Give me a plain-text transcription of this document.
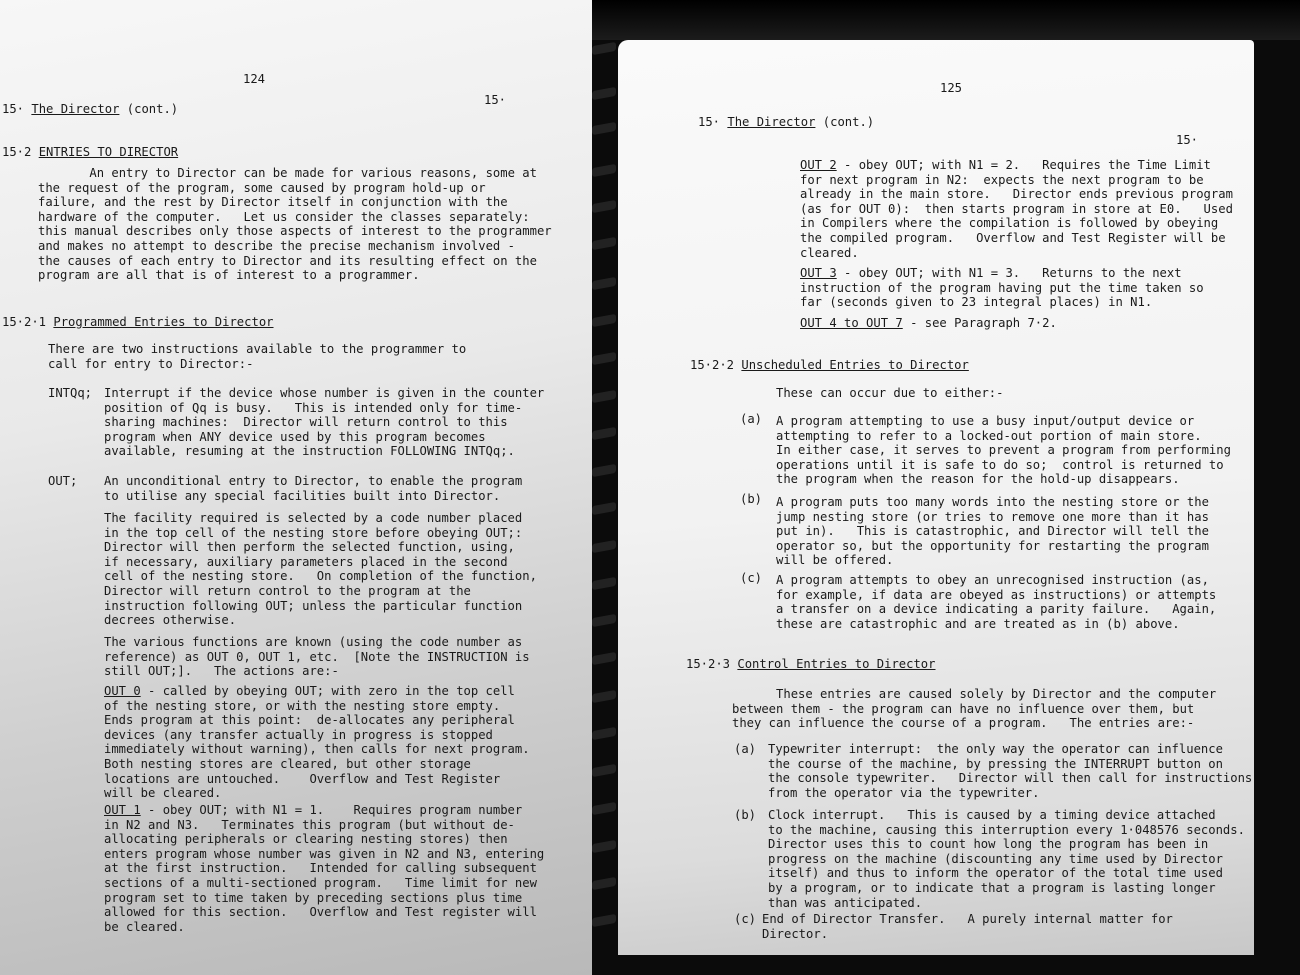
124
15·
15· The Director (cont.)
15·2 ENTRIES TO DIRECTOR
An entry to Director can be made for various reasons, some at
the request of the program, some caused by program hold-up or
failure, and the rest by Director itself in conjunction with the
hardware of the computer.   Let us consider the classes separately:
this manual describes only those aspects of interest to the programmer
and makes no attempt to describe the precise mechanism involved -
the causes of each entry to Director and its resulting effect on the
program are all that is of interest to a programmer.
15·2·1 Programmed Entries to Director
There are two instructions available to the programmer to
call for entry to Director:-
INTQq; Interrupt if the device whose number is given in the counter
position of Qq is busy.   This is intended only for time-
sharing machines:  Director will return control to this
program when ANY device used by this program becomes
available, resuming at the instruction FOLLOWING INTQq;.
OUT; An unconditional entry to Director, to enable the program
to utilise any special facilities built into Director.
The facility required is selected by a code number placed
in the top cell of the nesting store before obeying OUT;:
Director will then perform the selected function, using,
if necessary, auxiliary parameters placed in the second
cell of the nesting store.   On completion of the function,
Director will return control to the program at the
instruction following OUT; unless the particular function
decrees otherwise.
The various functions are known (using the code number as
reference) as OUT 0, OUT 1, etc.  [Note the INSTRUCTION is
still OUT;].   The actions are:-
OUT 0 - called by obeying OUT; with zero in the top cell
of the nesting store, or with the nesting store empty.
Ends program at this point:  de-allocates any peripheral
devices (any transfer actually in progress is stopped
immediately without warning), then calls for next program.
Both nesting stores are cleared, but other storage
locations are untouched.    Overflow and Test Register
will be cleared.
OUT 1 - obey OUT; with N1 = 1.    Requires program number
in N2 and N3.   Terminates this program (but without de-
allocating peripherals or clearing nesting stores) then
enters program whose number was given in N2 and N3, entering
at the first instruction.   Intended for calling subsequent
sections of a multi-sectioned program.   Time limit for new
program set to time taken by preceding sections plus time
allowed for this section.   Overflow and Test register will
be cleared.
125
15· The Director (cont.)
15·
OUT 2 - obey OUT; with N1 = 2.   Requires the Time Limit
for next program in N2:  expects the next program to be
already in the main store.   Director ends previous program
(as for OUT 0):  then starts program in store at E0.   Used
in Compilers where the compilation is followed by obeying
the compiled program.   Overflow and Test Register will be
cleared.
OUT 3 - obey OUT; with N1 = 3.   Returns to the next
instruction of the program having put the time taken so
far (seconds given to 23 integral places) in N1.
OUT 4 to OUT 7 - see Paragraph 7·2.
15·2·2 Unscheduled Entries to Director
These can occur due to either:-
(a) A program attempting to use a busy input/output device or
attempting to refer to a locked-out portion of main store.
In either case, it serves to prevent a program from performing
operations until it is safe to do so;  control is returned to
the program when the reason for the hold-up disappears.
(b) A program puts too many words into the nesting store or the
jump nesting store (or tries to remove one more than it has
put in).   This is catastrophic, and Director will tell the
operator so, but the opportunity for restarting the program
will be offered.
(c) A program attempts to obey an unrecognised instruction (as,
for example, if data are obeyed as instructions) or attempts
a transfer on a device indicating a parity failure.   Again,
these are catastrophic and are treated as in (b) above.
15·2·3 Control Entries to Director
These entries are caused solely by Director and the computer
between them - the program can have no influence over them, but
they can influence the course of a program.   The entries are:-
(a) Typewriter interrupt:  the only way the operator can influence
the course of the machine, by pressing the INTERRUPT button on
the console typewriter.   Director will then call for instructions
from the operator via the typewriter.
(b) Clock interrupt.   This is caused by a timing device attached
to the machine, causing this interruption every 1·048576 seconds.
Director uses this to count how long the program has been in
progress on the machine (discounting any time used by Director
itself) and thus to inform the operator of the total time used
by a program, or to indicate that a program is lasting longer
than was anticipated.
(c) End of Director Transfer.   A purely internal matter for
Director.
